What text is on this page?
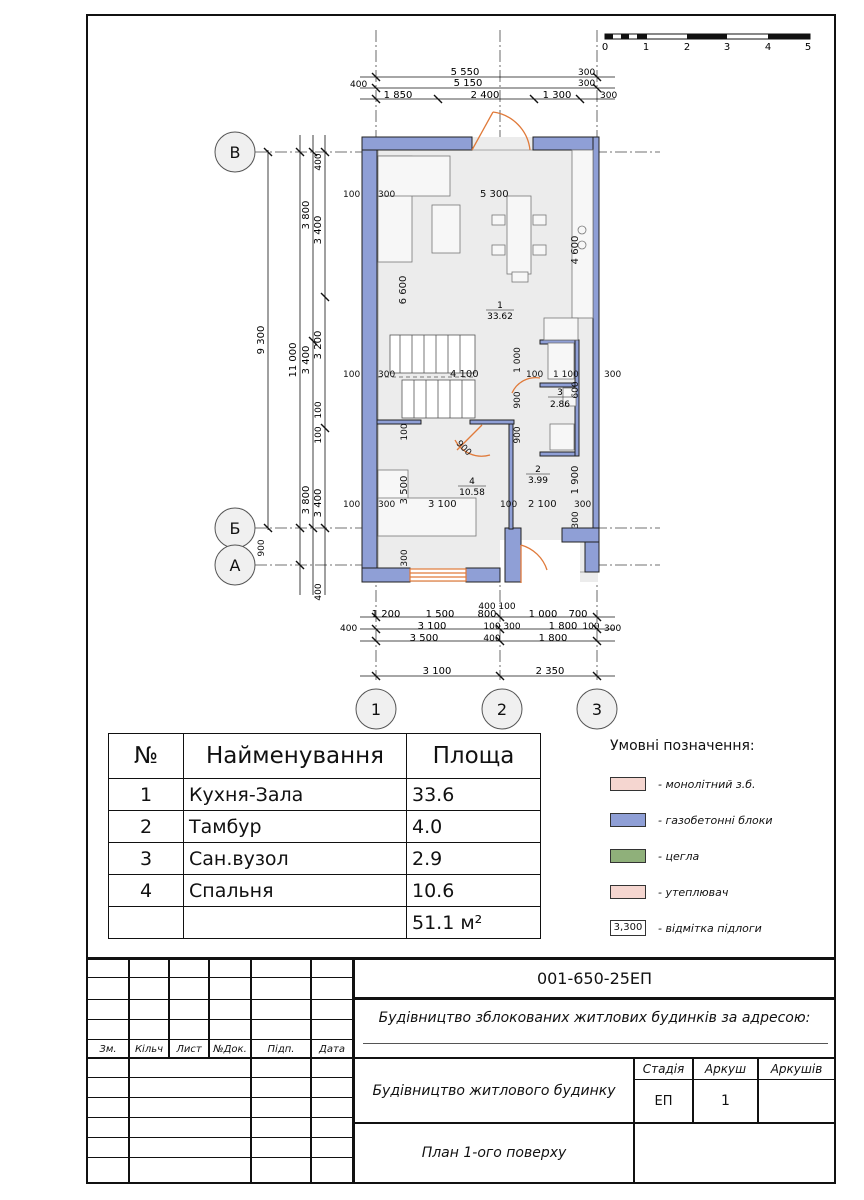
0	1	2	3	4	5
400
5 550	300
5 150	300
1 850	2 400	1 300	300
400 100
1 200	1 500 800	1 000 700
400	3 100	100 300	1 800 100 300
3 500	400	1 800
3 100	2 350
9 300
11 000
3 800
3 800
400
3 400
3 400
3 200
100
100
3 400
400
100 300	5 300
6 600
4 600
1 000
100 300	4 100	100 1 100	300
100
900
900
600
900
3 500	1 900
100 300	3 100	100 2 100 300
300
300
900
1
33.62
2
3.99
3
2.86
4
10.58
В
Б
А
1	2	3
№	Найменування	Площа
1	Кухня-Зала	33.6
2	Тамбур	4.0
3	Сан.вузол	2.9
4	Спальня	10.6
		51.1 м²
Умовні позначення:
- монолітний з.б.
- газобетонні блоки
- цегла
- утеплювач
3,300	- відмітка підлоги
Зм.	Кільч	Лист	№Док.	Підп.	Дата
001-650-25ЕП
Будівництво зблокованих житлових будинків за адресою:
Будівництво житлового будинку
Стадія	Аркуш	Аркушів
ЕП	1
План 1-ого поверху
